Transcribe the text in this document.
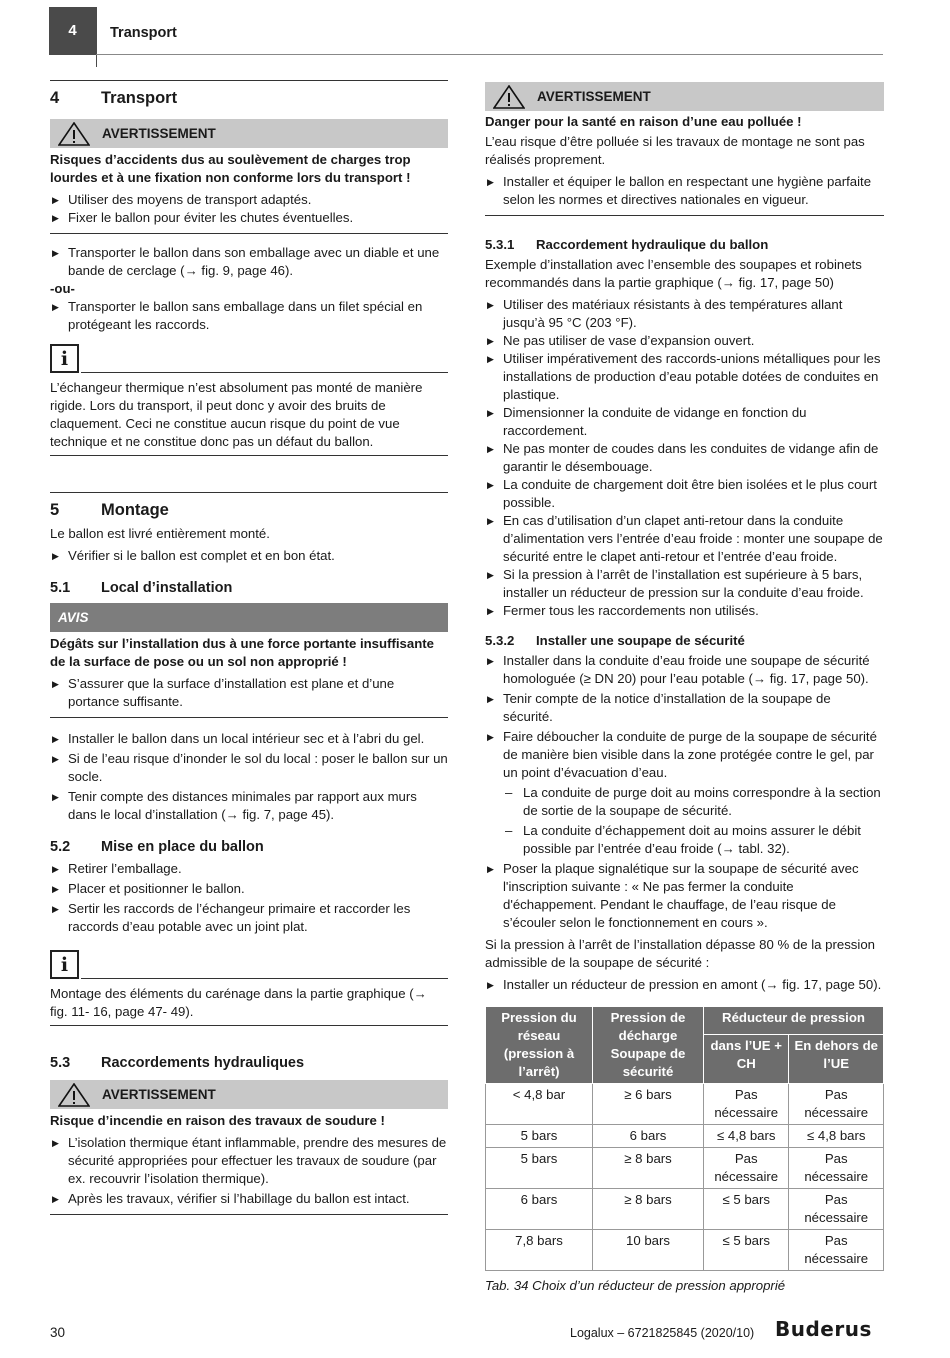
4 Transport
4	Transport
AVERTISSEMENT

Risques d’accidents dus au soulèvement de charges trop lourdes et à une fixation non conforme lors du transport !

▶ Utiliser des moyens de transport adaptés.
▶ Fixer le ballon pour éviter les chutes éventuelles.
▶ Transporter le ballon dans son emballage avec un diable et une bande de cerclage (→ fig. 9, page 46).

-ou-

▶ Transporter le ballon sans emballage dans un filet spécial en protégeant les raccords.
i

L’échangeur thermique n’est absolument pas monté de manière rigide. Lors du transport, il peut donc y avoir des bruits de claquement. Ceci ne constitue aucun risque du point de vue technique et ne constitue donc pas un défaut du ballon.

5	Montage

Le ballon est livré entièrement monté.

▶ Vérifier si le ballon est complet et en bon état.
5.1	Local d’installation
AVIS

Dégâts sur l’installation dus à une force portante insuffisante de la surface de pose ou un sol non approprié !

▶ S’assurer que la surface d’installation est plane et d’une portance suffisante.
▶ Installer le ballon dans un local intérieur sec et à l’abri du gel.
▶ Si de l’eau risque d’inonder le sol du local : poser le ballon sur un socle.
▶ Tenir compte des distances minimales par rapport aux murs dans le local d’installation (→ fig. 7, page 45).
5.2	Mise en place du ballon
▶ Retirer l’emballage.
▶ Placer et positionner le ballon.
▶ Sertir les raccords de l’échangeur primaire et raccorder les raccords d’eau potable avec un joint plat.
i

Montage des éléments du carénage dans la partie graphique (→ fig. 11- 16, page 47- 49).

5.3	Raccordements hydrauliques
AVERTISSEMENT

Risque d’incendie en raison des travaux de soudure !

▶ L’isolation thermique étant inflammable, prendre des mesures de sécurité appropriées pour effectuer les travaux de soudure (par ex. recouvrir l’isolation thermique).
▶ Après les travaux, vérifier si l’habillage du ballon est intact.
AVERTISSEMENT

Danger pour la santé en raison d’une eau polluée !

L’eau risque d’être polluée si les travaux de montage ne sont pas réalisés proprement.

▶ Installer et équiper le ballon en respectant une hygiène parfaite selon les normes et directives nationales en vigueur.
5.3.1	Raccordement hydraulique du ballon

Exemple d’installation avec l’ensemble des soupapes et robinets recommandés dans la partie graphique (→ fig. 17, page 50)

▶ Utiliser des matériaux résistants à des températures allant jusqu’à 95 °C (203 °F).
▶ Ne pas utiliser de vase d’expansion ouvert.
▶ Utiliser impérativement des raccords-unions métalliques pour les installations de production d’eau potable dotées de conduites en plastique.
▶ Dimensionner la conduite de vidange en fonction du raccordement.
▶ Ne pas monter de coudes dans les conduites de vidange afin de garantir le désembouage.
▶ La conduite de chargement doit être bien isolées et le plus court possible.
▶ En cas d’utilisation d’un clapet anti-retour dans la conduite d’alimentation vers l’entrée d’eau froide : monter une soupape de sécurité entre le clapet anti-retour et l’entrée d’eau froide.
▶ Si la pression à l’arrêt de l’installation est supérieure à 5 bars, installer un réducteur de pression sur la conduite d’eau froide.
▶ Fermer tous les raccordements non utilisés.
5.3.2	Installer une soupape de sécurité
▶ Installer dans la conduite d’eau froide une soupape de sécurité homologuée (≥ DN 20) pour l’eau potable (→ fig. 17, page 50).
▶ Tenir compte de la notice d’installation de la soupape de sécurité.
▶ Faire déboucher la conduite de purge de la soupape de sécurité de manière bien visible dans la zone protégée contre le gel, par un point d’évacuation d’eau.
– La conduite de purge doit au moins correspondre à la section de sortie de la soupape de sécurité.
– La conduite d’échappement doit au moins assurer le débit possible par l’entrée d’eau froide (→ tabl. 32).
▶ Poser la plaque signalétique sur la soupape de sécurité avec l'inscription suivante : « Ne pas fermer la conduite d'échappement. Pendant le chauffage, de l’eau risque de s’écouler selon le fonctionnement en cours ».

Si la pression à l’arrêt de l’installation dépasse 80 % de la pression admissible de la soupape de sécurité :

▶ Installer un réducteur de pression en amont (→ fig. 17, page 50).
Pression du réseau (pression à l’arrêt)	Pression de décharge Soupape de sécurité	Réducteur de pression	
		dans l’UE + CH	En dehors de l’UE
< 4,8 bar	≥ 6 bars	Pas nécessaire	Pas nécessaire
5 bars	6 bars	≤ 4,8 bars	≤ 4,8 bars
5 bars	≥ 8 bars	Pas nécessaire	Pas nécessaire
6 bars	≥ 8 bars	≤ 5 bars	Pas nécessaire
7,8 bars	10 bars	≤ 5 bars	Pas nécessaire

Tab. 34 Choix d’un réducteur de pression approprié

30	Logalux – 6721825845 (2020/10) Buderus
